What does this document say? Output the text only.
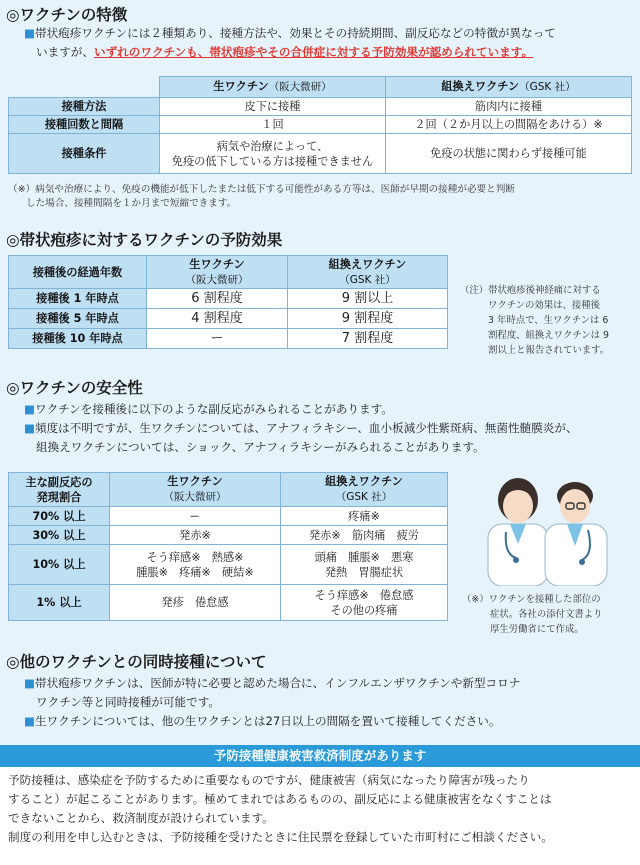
◎ワクチンの特徴
■帯状疱疹ワクチンには２種類あり、接種方法や、効果とその持続期間、副反応などの特徴が異なって
いますが、いずれのワクチンも、帯状疱疹やその合併症に対する予防効果が認められています。
	生ワクチン（阪大微研）	組換えワクチン（GSK 社）
接種方法	皮下に接種	筋肉内に接種
接種回数と間隔	１回	２回（２か月以上の間隔をあける）※
接種条件	病気や治療によって、
免疫の低下している方は接種できません	免疫の状態に関わらず接種可能
（※）病気や治療により、免疫の機能が低下したまたは低下する可能性がある方等は、医師が早期の接種が必要と判断
した場合、接種間隔を１か月まで短縮できます。
◎帯状疱疹に対するワクチンの予防効果
接種後の経過年数	生ワクチン
（阪大微研）	組換えワクチン
（GSK 社）
接種後 1 年時点	6 割程度	9 割以上
接種後 5 年時点	4 割程度	9 割程度
接種後 10 年時点	ー	7 割程度
（注）帯状疱疹後神経痛に対する
ワクチンの効果は、接種後
3 年時点で、生ワクチンは 6
割程度、組換えワクチンは 9
割以上と報告されています。
◎ワクチンの安全性
■ワクチンを接種後に以下のような副反応がみられることがあります。
■頻度は不明ですが、生ワクチンについては、アナフィラキシー、血小板減少性紫斑病、無菌性髄膜炎が、
組換えワクチンについては、ショック、アナフィラキシーがみられることがあります。
主な副反応の
発現割合	生ワクチン
（阪大微研）	組換えワクチン
（GSK 社）
70% 以上	ー	疼痛※
30% 以上	発赤※	発赤※　筋肉痛　疲労
10% 以上	そう痒感※　熱感※
腫脹※　疼痛※　硬結※	頭痛　腫脹※　悪寒
発熱　胃腸症状
1% 以上	発疹　倦怠感	そう痒感※　倦怠感
その他の疼痛
（※）ワクチンを接種した部位の
症状。各社の添付文書より
厚生労働省にて作成。
◎他のワクチンとの同時接種について
■帯状疱疹ワクチンは、医師が特に必要と認めた場合に、インフルエンザワクチンや新型コロナ
ワクチン等と同時接種が可能です。
■生ワクチンについては、他の生ワクチンとは27日以上の間隔を置いて接種してください。
予防接種健康被害救済制度があります
予防接種は、感染症を予防するために重要なものですが、健康被害（病気になったり障害が残ったり
すること）が起こることがあります。極めてまれではあるものの、副反応による健康被害をなくすことは
できないことから、救済制度が設けられています。
制度の利用を申し込むときは、予防接種を受けたときに住民票を登録していた市町村にご相談ください。
